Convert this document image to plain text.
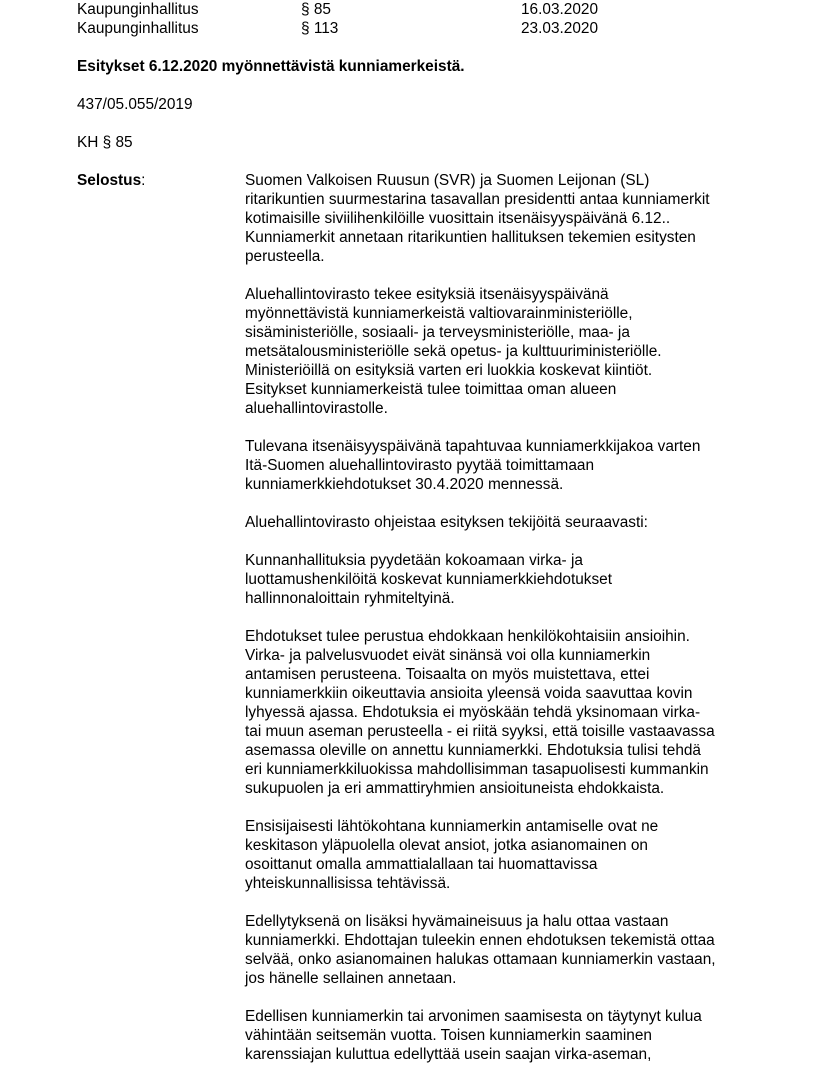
Kaupunginhallitus	§ 85	16.03.2020
Kaupunginhallitus	§ 113	23.03.2020
Esitykset 6.12.2020 myönnettävistä kunniamerkeistä.
437/05.055/2019
KH § 85
Selostus:	Suomen Valkoisen Ruusun (SVR) ja Suomen Leijonan (SL)
ritarikuntien suurmestarina tasavallan presidentti antaa kunniamerkit
kotimaisille siviilihenkilöille vuosittain itsenäisyyspäivänä 6.12..
Kunniamerkit annetaan ritarikuntien hallituksen tekemien esitysten
perusteella.

Aluehallintovirasto tekee esityksiä itsenäisyyspäivänä
myönnettävistä kunniamerkeistä valtiovarainministeriölle,
sisäministeriölle, sosiaali- ja terveysministeriölle, maa- ja
metsätalousministeriölle sekä opetus- ja kulttuuriministeriölle.
Ministeriöillä on esityksiä varten eri luokkia koskevat kiintiöt.
Esitykset kunniamerkeistä tulee toimittaa oman alueen
aluehallintovirastolle.

Tulevana itsenäisyyspäivänä tapahtuvaa kunniamerkkijakoa varten
Itä-Suomen aluehallintovirasto pyytää toimittamaan
kunniamerkkiehdotukset 30.4.2020 mennessä.

Aluehallintovirasto ohjeistaa esityksen tekijöitä seuraavasti:

Kunnanhallituksia pyydetään kokoamaan virka- ja
luottamushenkilöitä koskevat kunniamerkkiehdotukset
hallinnonaloittain ryhmiteltyinä.

Ehdotukset tulee perustua ehdokkaan henkilökohtaisiin ansioihin.
Virka- ja palvelusvuodet eivät sinänsä voi olla kunniamerkin
antamisen perusteena. Toisaalta on myös muistettava, ettei
kunniamerkkiin oikeuttavia ansioita yleensä voida saavuttaa kovin
lyhyessä ajassa. Ehdotuksia ei myöskään tehdä yksinomaan virka-
tai muun aseman perusteella - ei riitä syyksi, että toisille vastaavassa
asemassa oleville on annettu kunniamerkki. Ehdotuksia tulisi tehdä
eri kunniamerkkiluokissa mahdollisimman tasapuolisesti kummankin
sukupuolen ja eri ammattiryhmien ansioituneista ehdokkaista.

Ensisijaisesti lähtökohtana kunniamerkin antamiselle ovat ne
keskitason yläpuolella olevat ansiot, jotka asianomainen on
osoittanut omalla ammattialallaan tai huomattavissa
yhteiskunnallisissa tehtävissä.

Edellytyksenä on lisäksi hyvämaineisuus ja halu ottaa vastaan
kunniamerkki. Ehdottajan tuleekin ennen ehdotuksen tekemistä ottaa
selvää, onko asianomainen halukas ottamaan kunniamerkin vastaan,
jos hänelle sellainen annetaan.

Edellisen kunniamerkin tai arvonimen saamisesta on täytynyt kulua
vähintään seitsemän vuotta. Toisen kunniamerkin saaminen
karenssiajan kuluttua edellyttää usein saajan virka-aseman,
